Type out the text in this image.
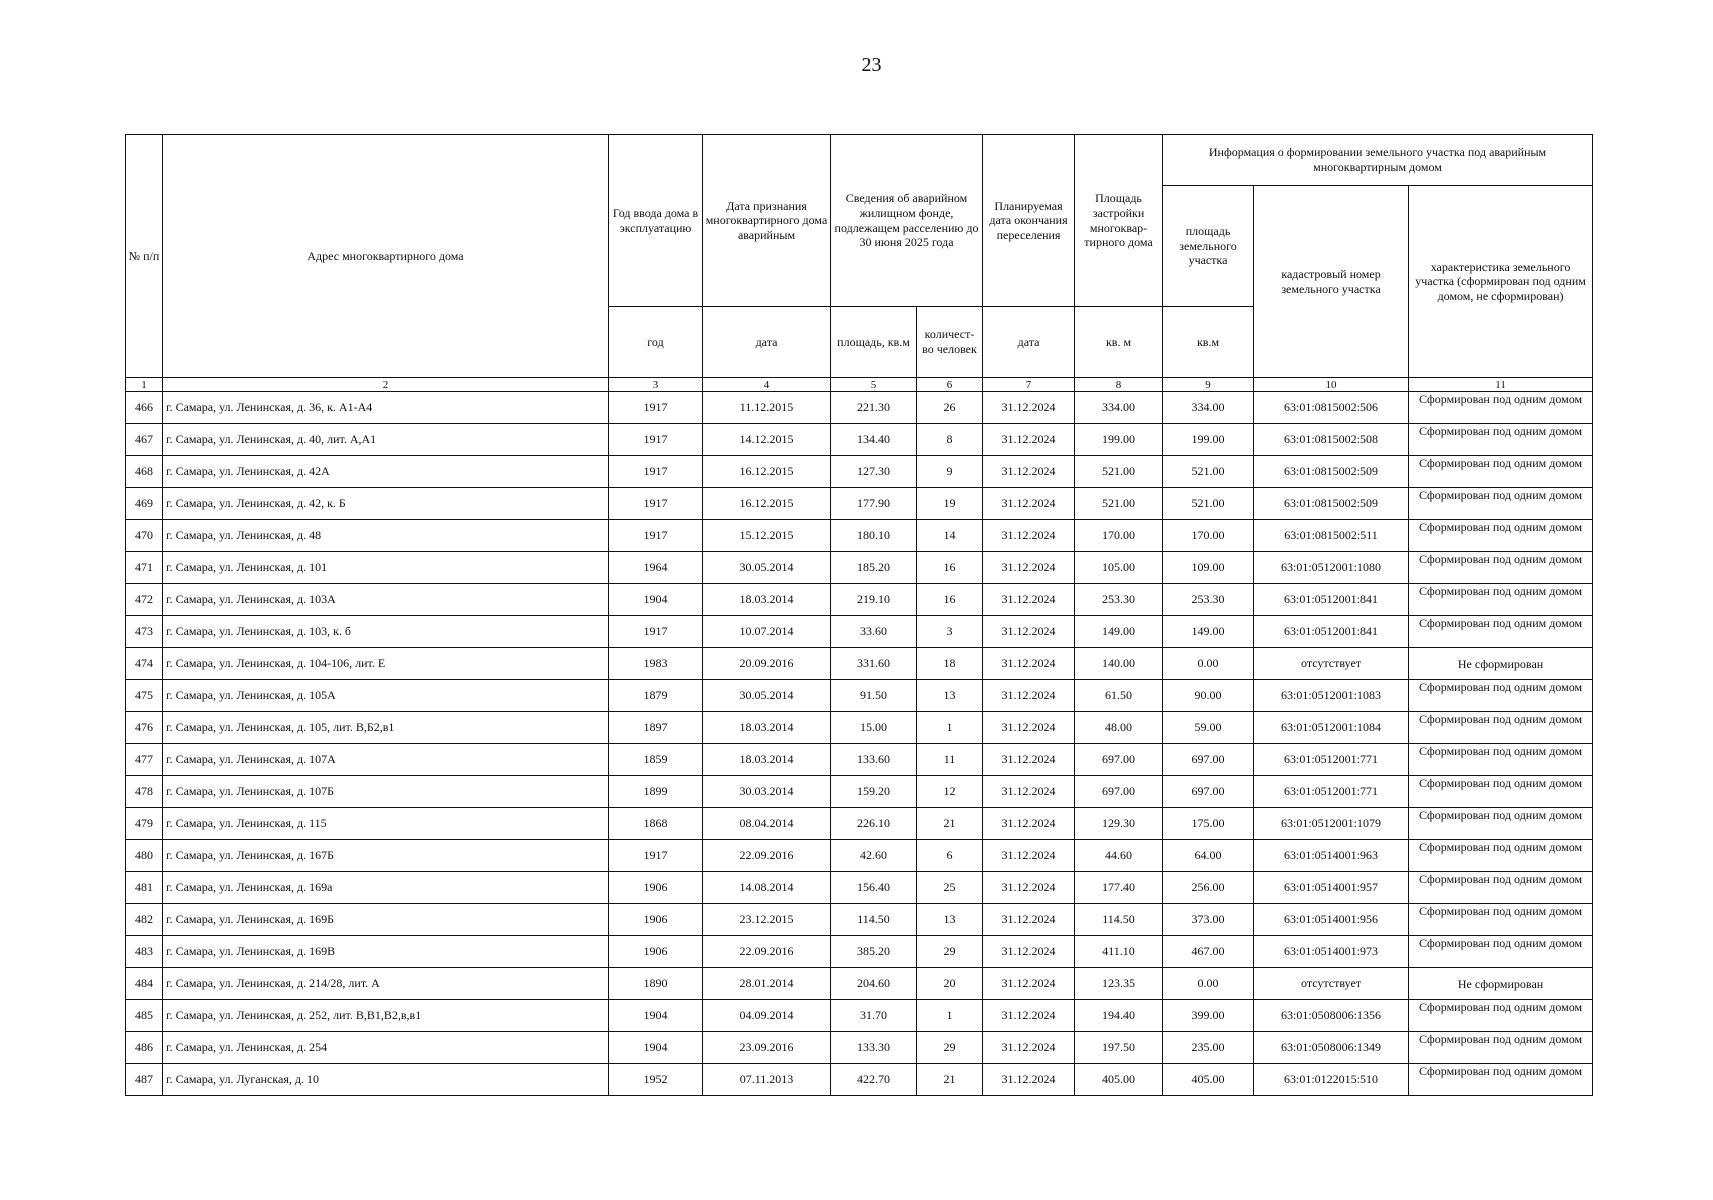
23
№ п/п	Адрес многоквартирного дома	Год ввода дома в эксплуатацию	Дата признания многоквартирного дома аварийным	Сведения об аварийном жилищном фонде, подлежащем расселению до 30 июня 2025 года		Планируемая дата окончания переселения	Площадь застройки многоквар- тирного дома	Информация о формировании земельного участка под аварийным многоквартирным домом		
								площадь земельного участка	кадастровый номер земельного участка	характеристика земельного участка (сформирован под одним домом, не сформирован)
		год	дата	площадь, кв.м	количест- во человек	дата	кв. м	кв.м		
1	2	3	4	5	6	7	8	9	10	11
466	г. Самара, ул. Ленинская, д. 36, к. А1-А4	1917	11.12.2015	221.30	26	31.12.2024	334.00	334.00	63:01:0815002:506	Сформирован под одним домом
467	г. Самара, ул. Ленинская, д. 40, лит. А,А1	1917	14.12.2015	134.40	8	31.12.2024	199.00	199.00	63:01:0815002:508	Сформирован под одним домом
468	г. Самара, ул. Ленинская, д. 42А	1917	16.12.2015	127.30	9	31.12.2024	521.00	521.00	63:01:0815002:509	Сформирован под одним домом
469	г. Самара, ул. Ленинская, д. 42, к. Б	1917	16.12.2015	177.90	19	31.12.2024	521.00	521.00	63:01:0815002:509	Сформирован под одним домом
470	г. Самара, ул. Ленинская, д. 48	1917	15.12.2015	180.10	14	31.12.2024	170.00	170.00	63:01:0815002:511	Сформирован под одним домом
471	г. Самара, ул. Ленинская, д. 101	1964	30.05.2014	185.20	16	31.12.2024	105.00	109.00	63:01:0512001:1080	Сформирован под одним домом
472	г. Самара, ул. Ленинская, д. 103А	1904	18.03.2014	219.10	16	31.12.2024	253.30	253.30	63:01:0512001:841	Сформирован под одним домом
473	г. Самара, ул. Ленинская, д. 103, к. б	1917	10.07.2014	33.60	3	31.12.2024	149.00	149.00	63:01:0512001:841	Сформирован под одним домом
474	г. Самара, ул. Ленинская, д. 104-106, лит. Е	1983	20.09.2016	331.60	18	31.12.2024	140.00	0.00	отсутствует	Не сформирован
475	г. Самара, ул. Ленинская, д. 105А	1879	30.05.2014	91.50	13	31.12.2024	61.50	90.00	63:01:0512001:1083	Сформирован под одним домом
476	г. Самара, ул. Ленинская, д. 105, лит. В,Б2,в1	1897	18.03.2014	15.00	1	31.12.2024	48.00	59.00	63:01:0512001:1084	Сформирован под одним домом
477	г. Самара, ул. Ленинская, д. 107А	1859	18.03.2014	133.60	11	31.12.2024	697.00	697.00	63:01:0512001:771	Сформирован под одним домом
478	г. Самара, ул. Ленинская, д. 107Б	1899	30.03.2014	159.20	12	31.12.2024	697.00	697.00	63:01:0512001:771	Сформирован под одним домом
479	г. Самара, ул. Ленинская, д. 115	1868	08.04.2014	226.10	21	31.12.2024	129.30	175.00	63:01:0512001:1079	Сформирован под одним домом
480	г. Самара, ул. Ленинская, д. 167Б	1917	22.09.2016	42.60	6	31.12.2024	44.60	64.00	63:01:0514001:963	Сформирован под одним домом
481	г. Самара, ул. Ленинская, д. 169а	1906	14.08.2014	156.40	25	31.12.2024	177.40	256.00	63:01:0514001:957	Сформирован под одним домом
482	г. Самара, ул. Ленинская, д. 169Б	1906	23.12.2015	114.50	13	31.12.2024	114.50	373.00	63:01:0514001:956	Сформирован под одним домом
483	г. Самара, ул. Ленинская, д. 169В	1906	22.09.2016	385.20	29	31.12.2024	411.10	467.00	63:01:0514001:973	Сформирован под одним домом
484	г. Самара, ул. Ленинская, д. 214/28, лит. А	1890	28.01.2014	204.60	20	31.12.2024	123.35	0.00	отсутствует	Не сформирован
485	г. Самара, ул. Ленинская, д. 252, лит. В,В1,В2,в,в1	1904	04.09.2014	31.70	1	31.12.2024	194.40	399.00	63:01:0508006:1356	Сформирован под одним домом
486	г. Самара, ул. Ленинская, д. 254	1904	23.09.2016	133.30	29	31.12.2024	197.50	235.00	63:01:0508006:1349	Сформирован под одним домом
487	г. Самара, ул. Луганская, д. 10	1952	07.11.2013	422.70	21	31.12.2024	405.00	405.00	63:01:0122015:510	Сформирован под одним домом
